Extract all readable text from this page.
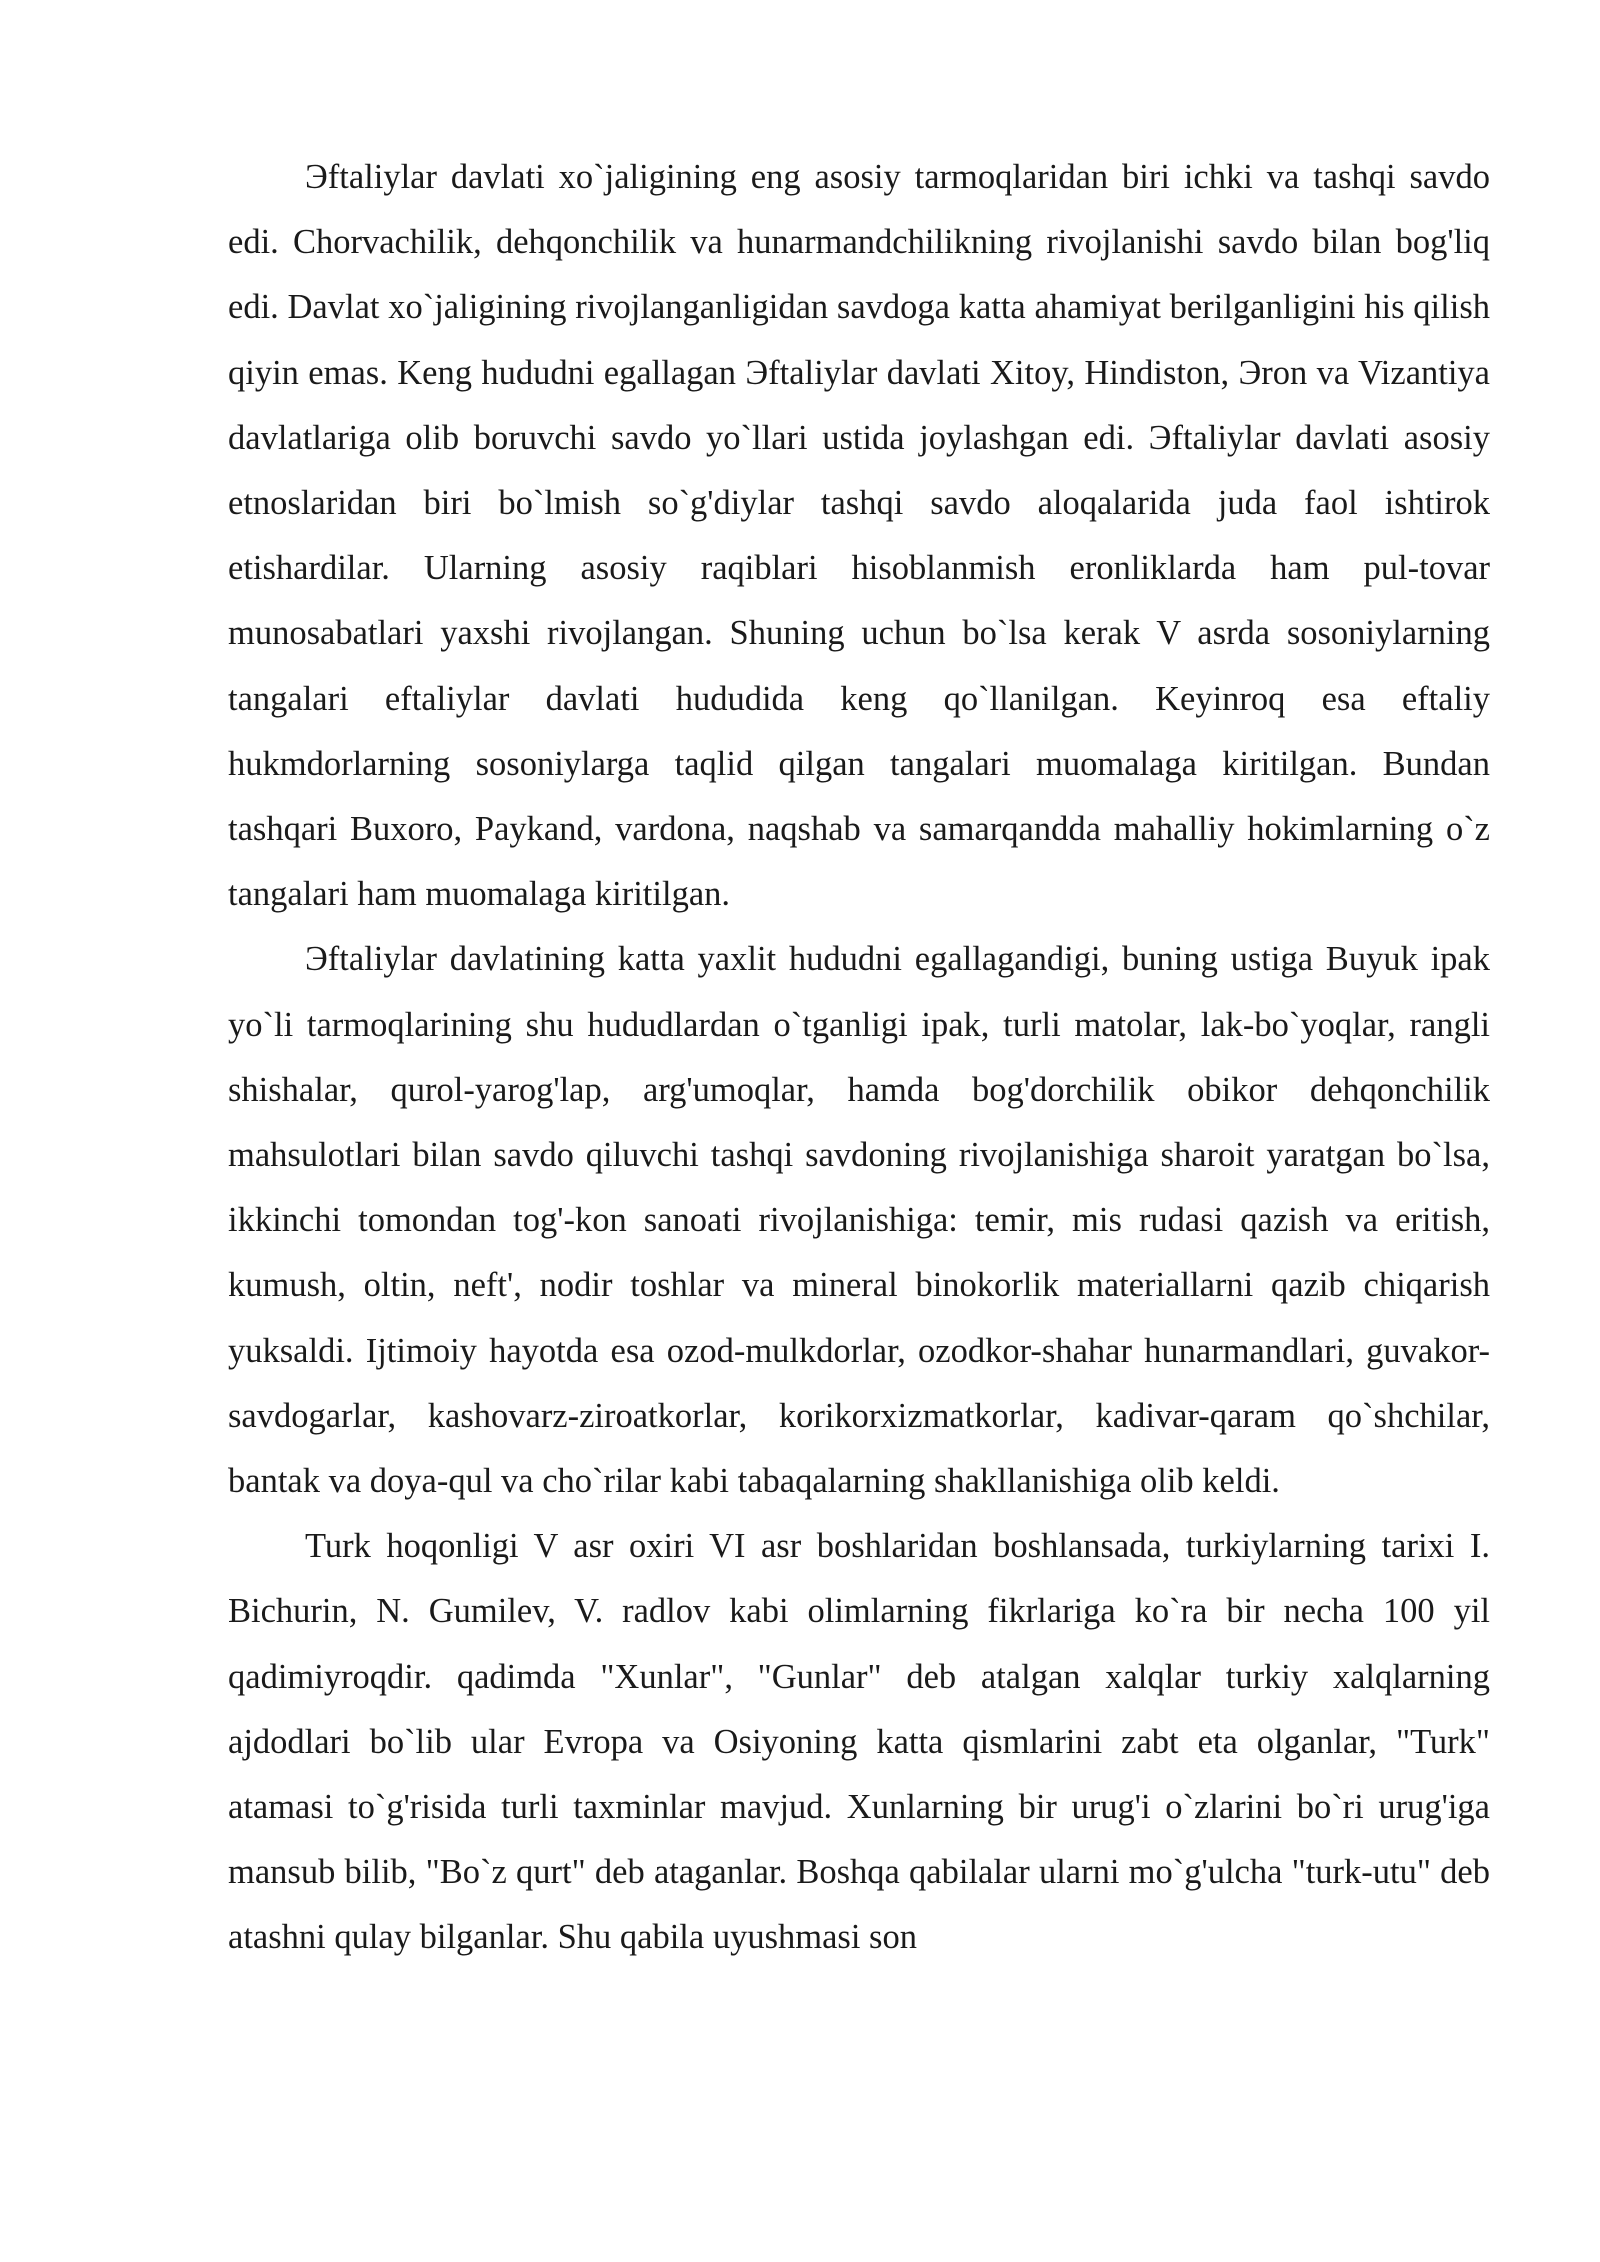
Эftaliylar davlati xo`jaligining eng asosiy tarmoqlaridan biri ichki va tashqi savdo edi. Chorvachilik, dehqonchilik va hunarmandchilikning rivojlanishi savdo bilan bog'liq edi. Davlat xo`jaligining rivojlanganligidan savdoga katta ahamiyat berilganligini his qilish qiyin emas. Keng hududni egallagan Эftaliylar davlati Xitoy, Hindiston, Эron va Vizantiya davlatlariga olib boruvchi savdo yo`llari ustida joylashgan edi. Эftaliylar davlati asosiy etnoslaridan biri bo`lmish so`g'diylar tashqi savdo aloqalarida juda faol ishtirok etishardilar. Ularning asosiy raqiblari hisoblanmish eronliklarda ham pul-tovar munosabatlari yaxshi rivojlangan. Shuning uchun bo`lsa kerak V asrda sosoniylarning tangalari eftaliylar davlati hududida keng qo`llanilgan. Keyinroq esa eftaliy hukmdorlarning sosoniylarga taqlid qilgan tangalari muomalaga kiritilgan. Bundan tashqari Buxoro, Paykand, vardona, naqshab va samarqandda mahalliy hokimlarning o`z tangalari ham muomalaga kiritilgan.

Эftaliylar davlatining katta yaxlit hududni egallagandigi, buning ustiga Buyuk ipak yo`li tarmoqlarining shu hududlardan o`tganligi ipak, turli matolar, lak-bo`yoqlar, rangli shishalar, qurol-yarog'lap, arg'umoqlar, hamda bog'dorchilik obikor dehqonchilik mahsulotlari bilan savdo qiluvchi tashqi savdoning rivojlanishiga sharoit yaratgan bo`lsa, ikkinchi tomondan tog'-kon sanoati rivojlanishiga: temir, mis rudasi qazish va eritish, kumush, oltin, neft', nodir toshlar va mineral binokorlik materiallarni qazib chiqarish yuksaldi. Ijtimoiy hayotda esa ozod-mulkdorlar, ozodkor-shahar hunarmandlari, guvakor-savdogarlar, kashovarz-ziroatkorlar, korikorxizmatkorlar, kadivar-qaram qo`shchilar, bantak va doya-qul va cho`rilar kabi tabaqalarning shakllanishiga olib keldi.

Turk hoqonligi V asr oxiri VI asr boshlaridan boshlansada, turkiylarning tarixi I. Bichurin, N. Gumilev, V. radlov kabi olimlarning fikrlariga ko`ra bir necha 100 yil qadimiyroqdir. qadimda "Xunlar", "Gunlar" deb atalgan xalqlar turkiy xalqlarning ajdodlari bo`lib ular Evropa va Osiyoning katta qismlarini zabt eta olganlar, "Turk" atamasi to`g'risida turli taxminlar mavjud. Xunlarning bir urug'i o`zlarini bo`ri urug'iga mansub bilib, "Bo`z qurt" deb ataganlar. Boshqa qabilalar ularni mo`g'ulcha "turk-utu" deb atashni qulay bilganlar. Shu qabila uyushmasi son
